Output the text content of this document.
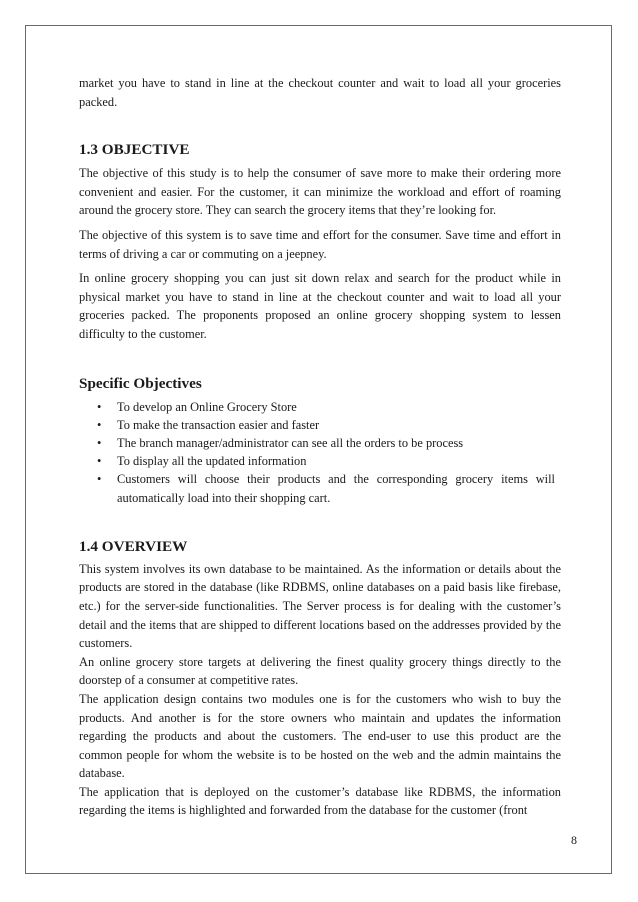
market you have to stand in line at the checkout counter and wait to load all your groceries packed.

1.3 OBJECTIVE

The objective of this study is to help the consumer of save more to make their ordering more convenient and easier. For the customer, it can minimize the workload and effort of roaming around the grocery store. They can search the grocery items that they’re looking for.

The objective of this system is to save time and effort for the consumer. Save time and effort in terms of driving a car or commuting on a jeepney.

In online grocery shopping you can just sit down relax and search for the product while in physical market you have to stand in line at the checkout counter and wait to load all your groceries packed. The proponents proposed an online grocery shopping system to lessen difficulty to the customer.

Specific Objectives
• To develop an Online Grocery Store
• To make the transaction easier and faster
• The branch manager/administrator can see all the orders to be process
• To display all the updated information
• Customers will choose their products and the corresponding grocery items will automatically load into their shopping cart.
1.4 OVERVIEW

This system involves its own database to be maintained. As the information or details about the products are stored in the database (like RDBMS, online databases on a paid basis like firebase, etc.) for the server-side functionalities. The Server process is for dealing with the customer’s detail and the items that are shipped to different locations based on the addresses provided by the customers.

An online grocery store targets at delivering the finest quality grocery things directly to the doorstep of a consumer at competitive rates.

The application design contains two modules one is for the customers who wish to buy the products. And another is for the store owners who maintain and updates the information regarding the products and about the customers. The end-user to use this product are the common people for whom the website is to be hosted on the web and the admin maintains the database.

The application that is deployed on the customer’s database like RDBMS, the information regarding the items is highlighted and forwarded from the database for the customer (front

8
